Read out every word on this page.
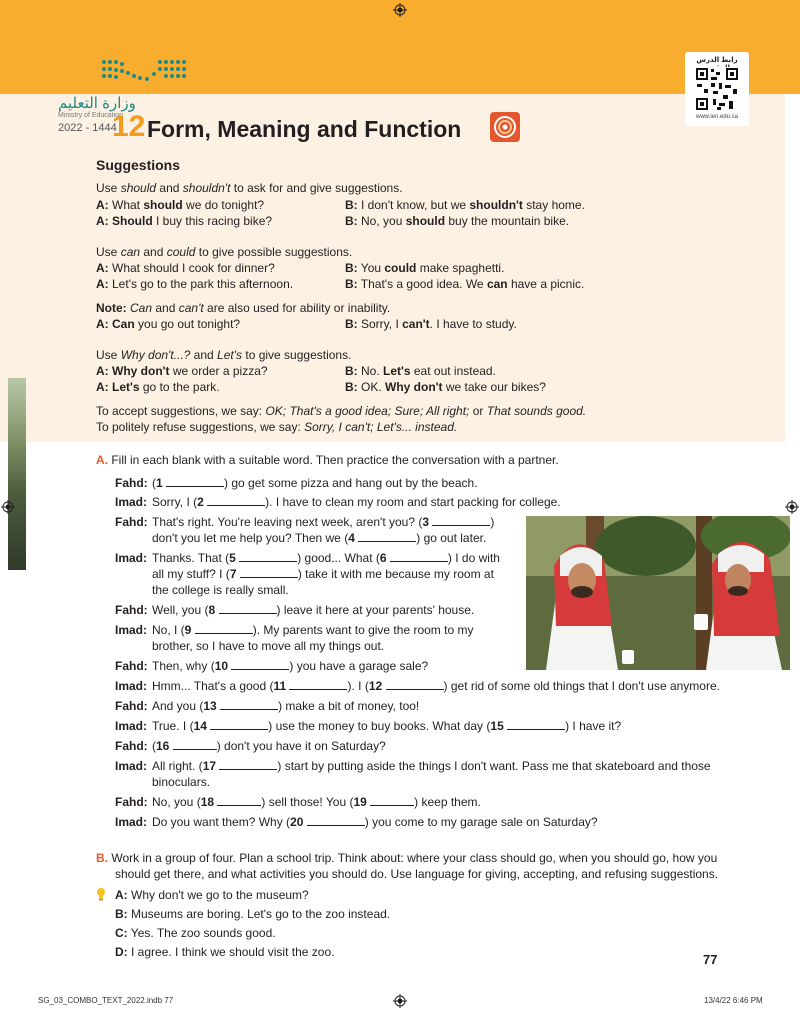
وزارة التعليم
Ministry of Education
2022 - 1444
12 Form, Meaning and Function
رابط الدرس
www.ien.edu.sa
Suggestions
Use should and shouldn't to ask for and give suggestions.
A: What should we do tonight?	B: I don't know, but we shouldn't stay home.
A: Should I buy this racing bike?	B: No, you should buy the mountain bike.
Use can and could to give possible suggestions.
A: What should I cook for dinner?	B: You could make spaghetti.
A: Let's go to the park this afternoon.	B: That's a good idea. We can have a picnic.
Note: Can and can't are also used for ability or inability.
A: Can you go out tonight?	B: Sorry, I can't. I have to study.
Use Why don't...? and Let's to give suggestions.
A: Why don't we order a pizza?	B: No. Let's eat out instead.
A: Let's go to the park.	B: OK. Why don't we take our bikes?
To accept suggestions, we say: OK; That's a good idea; Sure; All right; or That sounds good.
To politely refuse suggestions, we say: Sorry, I can't; Let's... instead.
A. Fill in each blank with a suitable word. Then practice the conversation with a partner.
Fahd: (1	) go get some pizza and hang out by the beach.
Imad: Sorry, I (2	). I have to clean my room and start packing for college.
Fahd: That's right. You're leaving next week, aren't you? (3	)
don't you let me help you? Then we (4	) go out later.
Imad: Thanks. That (5	) good... What (6	) I do with
all my stuff? I (7	) take it with me because my room at
the college is really small.
Fahd: Well, you (8	) leave it here at your parents' house.
Imad: No, I (9	). My parents want to give the room to my
brother, so I have to move all my things out.
Fahd: Then, why (10	) you have a garage sale?
Imad: Hmm... That's a good (11	). I (12	) get rid of some old things that I don't use anymore.
Fahd: And you (13	) make a bit of money, too!
Imad: True. I (14	) use the money to buy books. What day (15	) I have it?
Fahd: (16	) don't you have it on Saturday?
Imad: All right. (17	) start by putting aside the things I don't want. Pass me that skateboard and those
binoculars.
Fahd: No, you (18	) sell those! You (19	) keep them.
Imad: Do you want them? Why (20	) you come to my garage sale on Saturday?
B. Work in a group of four. Plan a school trip. Think about: where your class should go, when you should go, how you
should get there, and what activities you should do. Use language for giving, accepting, and refusing suggestions.
A: Why don't we go to the museum?
B: Museums are boring. Let's go to the zoo instead.
C: Yes. The zoo sounds good.
D: I agree. I think we should visit the zoo.	77
SG_03_COMBO_TEXT_2022.indb 77	13/4/22 6:46 PM
